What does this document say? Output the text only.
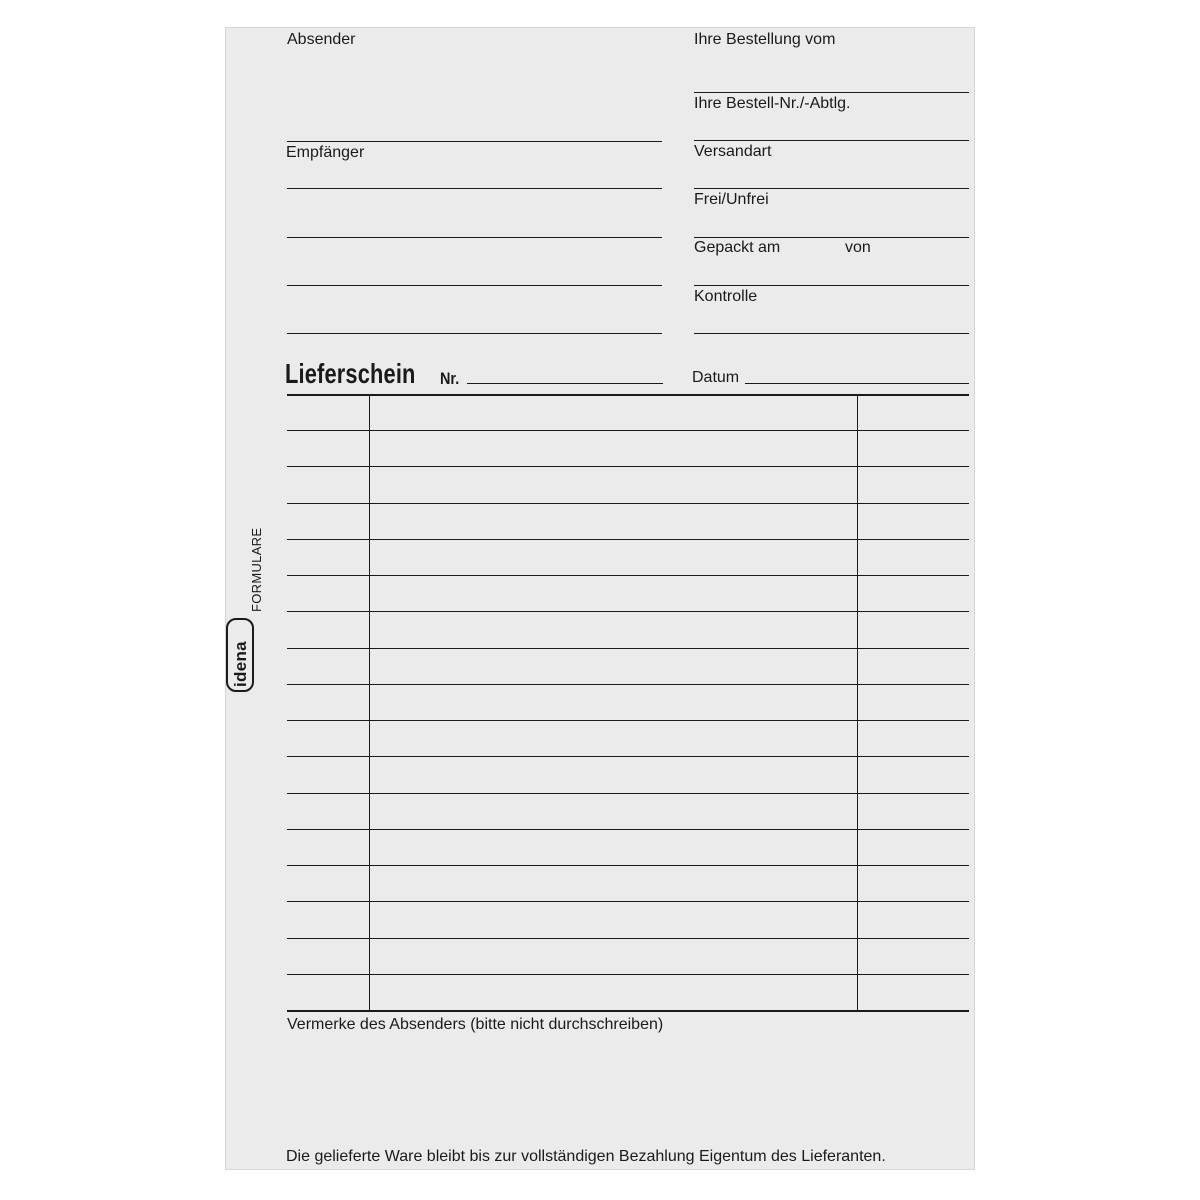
Absender
Empfänger
Ihre Bestellung vom
Ihre Bestell-Nr./-Abtlg.
Versandart
Frei/Unfrei
Gepackt am	von
Kontrolle
Lieferschein Nr.	Datum
Vermerke des Absenders (bitte nicht durchschreiben)
Die gelieferte Ware bleibt bis zur vollständigen Bezahlung Eigentum des Lieferanten.
FORMULARE
idena
